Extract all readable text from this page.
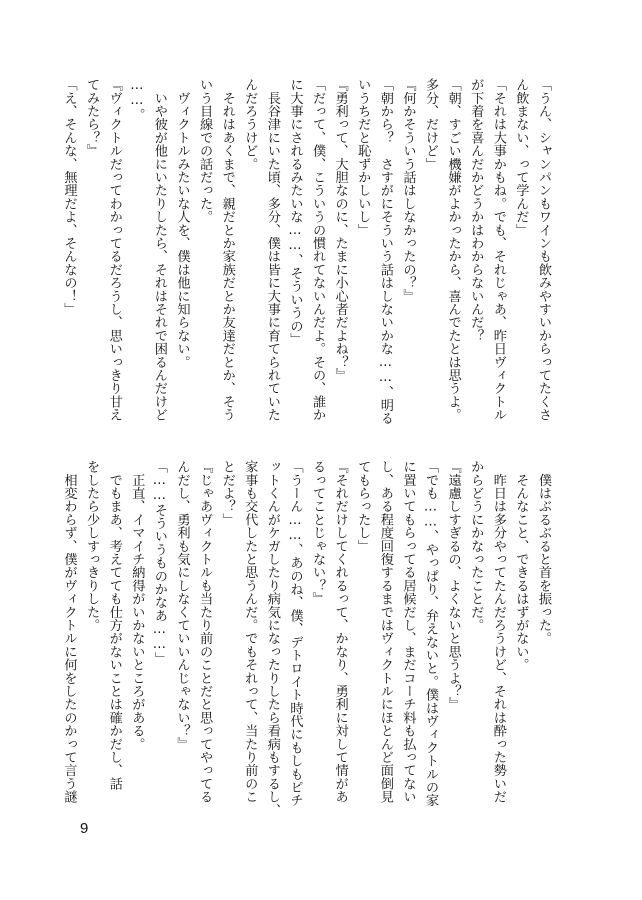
「うん、シャンパンもワインも飲みやすいからってたくさ
ん飲まない、って学んだ」
「それは大事かもね。でも、それじゃあ、昨日ヴィクトル
が下着を喜んだかどうかはわからないんだ？
「朝、すごい機嫌がよかったから、喜んでたとは思うよ。
多分、だけど」
『何かそういう話はしなかったの？』
「朝から？　さすがにそういう話はしないかな……、明る
いうちだと恥ずかしいし」
『勇利って、大胆なのに、たまに小心者だよね？』
「だって、僕、こういうの慣れてないんだよ。その、誰か
に大事にされるみたいな……、そういうの」
　長谷津にいた頃、多分、僕は皆に大事に育てられていた
んだろうけど。
　それはあくまで、親だとか家族だとか友達だとか、そう
いう目線での話だった。
　ヴィクトルみたいな人を、僕は他に知らない。
　いや彼が他にいたりしたら、それはそれで困るんだけど
……。
『ヴィクトルだってわかってるだろうし、思いっきり甘え
てみたら？』
「え、そんな、無理だよ、そんなの！」
　僕はぶるぶると首を振った。
　そんなこと、できるはずがない。
　昨日は多分やってたんだろうけど、それは酔った勢いだ
からどうにかなったことだ。
『遠慮しすぎるの、よくないと思うよ？』
「でも……、やっぱり、弁えないと。僕はヴィクトルの家
に置いてもらってる居候だし、まだコーチ料も払ってない
し、ある程度回復するまではヴィクトルにほとんど面倒見
てもらったし」
『それだけしてくれるって、かなり、勇利に対して情があ
るってことじゃない？』
「うーん……、あのね、僕、デトロイト時代にもしもピチ
ットくんがケガしたり病気になったりしたら看病もするし、
家事も交代したと思うんだ。でもそれって、当たり前のこ
とだよ？」
『じゃあヴィクトルも当たり前のことだと思ってやってる
んだし、勇利も気にしなくていいんじゃない？』
「……そういうものかなあ……」
　正直、イマイチ納得がいかないところがある。
　でもまあ、考えてても仕方がないことは確かだし、話
をしたら少しすっきりした。
　相変わらず、僕がヴィクトルに何をしたのかって言う謎
9
